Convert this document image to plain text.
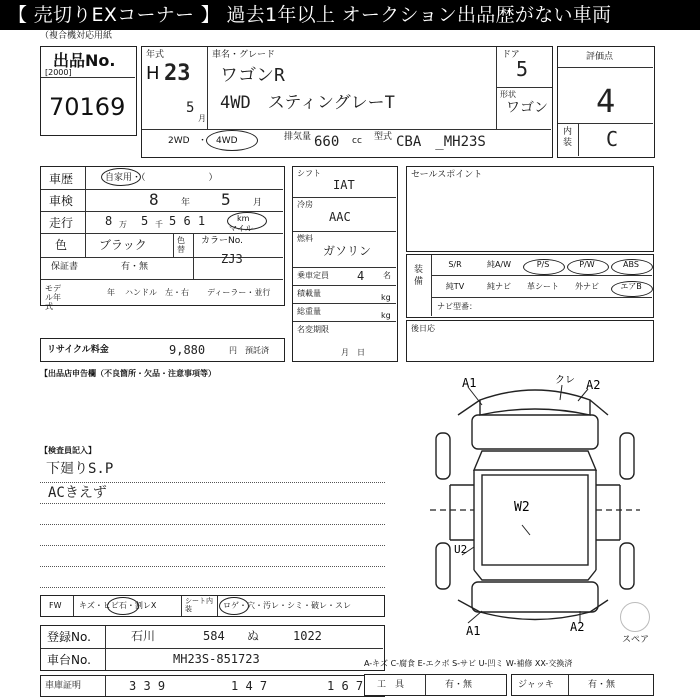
【 売切りEXコーナー 】 過去1年以上 オークション出品歴がない車両
（複合機対応用紙
出品No.
[2000]
70169
年式
H 23
5
月
車名・グレード
ワゴンR
4WD　スティングレーT
ドア
5
形状
ワゴン
2WD ・ 4WD	排気量 660 cc 型式 CBA　_MH23S
評価点
4
内装 C
車歴	自家用・（　　　　　　　）
車検	8 年 5 月
走行	8 万 5 千 5 6 1	km
マイル
色	ブラック	色替
カラーNo.
ZJ3
保証書	有・無
モデル年式
年 ハンドル 左・右 ディーラー・並行
リサイクル料金	9,880	円 預託済
シフト
IAT
冷房
AAC
燃料
ガソリン
乗車定員 4 名
積載量	kg
総重量	kg
名変期限
月　日
セールスポイント
装備
S/R	純A/W	P/S	P/W	ABS
純TV	純ナビ	革シート	外ナビ	エアB
ナビ型番：
後日応
【出品店申告欄（不良箇所・欠品・注意事項等）
【検査員記入】
下廻りS.P
ACきえず
A1	クレ A2
W2
U2
A1	A2
スペア
FW キズ・ヒビ石・割レX	シート内装	ロゲ・穴・汚レ・シミ・破レ・スレ
登録No.	石川	584 ぬ	1022
車台No.	MH23S-851723
車庫証明	3 3 9	1 4 7	1 6 7
A-キズ C-腐食 E-エクボ S-サビ U-凹ミ W-補修 XX-交換済
工　具	有・無	ジャッキ	有・無
